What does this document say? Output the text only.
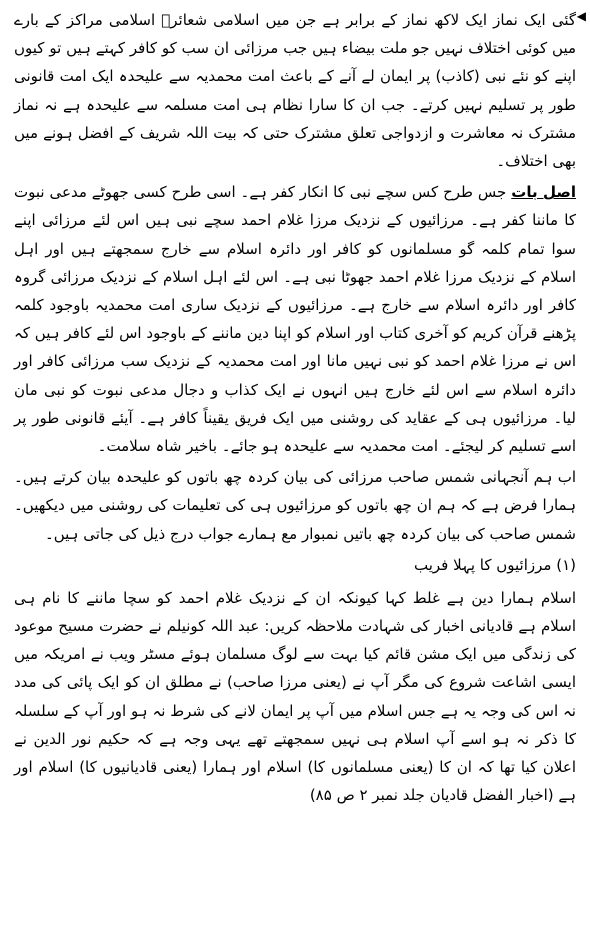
◀

گئی ایک نماز ایک لاکھ نماز کے برابر ہے جن میں اسلامی شعائرؑ اسلامی مراکز کے بارے میں کوئی اختلاف نہیں جو ملت بیضاء ہیں جب مرزائی ان سب کو کافر کہتے ہیں تو کیوں اپنے کو نئے نبی (کاذب) پر ایمان لے آنے کے باعث امت محمدیہ سے علیحدہ ایک امت قانونی طور پر تسلیم نہیں کرتے۔ جب ان کا سارا نظام ہی امت مسلمہ سے علیحدہ ہے نہ نماز مشترک نہ معاشرت و ازدواجی تعلق مشترک حتی کہ بیت اللہ شریف کے افضل ہونے میں بھی اختلاف۔

اصل بات جس طرح کس سچے نبی کا انکار کفر ہے۔ اسی طرح کسی جھوٹے مدعی نبوت کا ماننا کفر ہے۔ مرزائیوں کے نزدیک مرزا غلام احمد سچے نبی ہیں اس لئے مرزائی اپنے سوا تمام کلمہ گو مسلمانوں کو کافر اور دائرہ اسلام سے خارج سمجھتے ہیں اور اہل اسلام کے نزدیک مرزا غلام احمد جھوٹا نبی ہے۔ اس لئے اہل اسلام کے نزدیک مرزائی گروہ کافر اور دائرہ اسلام سے خارج ہے۔ مرزائیوں کے نزدیک ساری امت محمدیہ باوجود کلمہ پڑھنے قرآن کریم کو آخری کتاب اور اسلام کو اپنا دین ماننے کے باوجود اس لئے کافر ہیں کہ اس نے مرزا غلام احمد کو نبی نہیں مانا اور امت محمدیہ کے نزدیک سب مرزائی کافر اور دائرہ اسلام سے اس لئے خارج ہیں انہوں نے ایک کذاب و دجال مدعی نبوت کو نبی مان لیا۔ مرزائیوں ہی کے عقاید کی روشنی میں ایک فریق یقیناً کافر ہے۔ آیئے قانونی طور پر اسے تسلیم کر لیجئے۔ امت محمدیہ سے علیحدہ ہو جائے۔ باخیر شاہ سلامت۔

اب ہم آنجہانی شمس صاحب مرزائی کی بیان کردہ چھ باتوں کو علیحدہ بیان کرتے ہیں۔ ہمارا فرض ہے کہ ہم ان چھ باتوں کو مرزائیوں ہی کی تعلیمات کی روشنی میں دیکھیں۔ شمس صاحب کی بیان کردہ چھ باتیں نمبوار مع ہمارے جواب درج ذیل کی جاتی ہیں۔

(۱) مرزائیوں کا پہلا فریب

اسلام ہمارا دین ہے غلط کہا کیونکہ ان کے نزدیک غلام احمد کو سچا ماننے کا نام ہی اسلام ہے قادیانی اخبار کی شہادت ملاحظہ کریں: عبد اللہ کونیلم نے حضرت مسیح موعود کی زندگی میں ایک مشن قائم کیا بہت سے لوگ مسلمان ہوئے مسٹر ویب نے امریکہ میں ایسی اشاعت شروع کی مگر آپ نے (یعنی مرزا صاحب) نے مطلق ان کو ایک پائی کی مدد نہ اس کی وجہ یہ ہے جس اسلام میں آپ پر ایمان لانے کی شرط نہ ہو اور آپ کے سلسلہ کا ذکر نہ ہو اسے آپ اسلام ہی نہیں سمجھتے تھے یہی وجہ ہے کہ حکیم نور الدین نے اعلان کیا تھا کہ ان کا (یعنی مسلمانوں کا) اسلام اور ہمارا (یعنی قادیانیوں کا) اسلام اور ہے (اخبار الفضل قادیان جلد نمبر ۲ ص ۸۵)
